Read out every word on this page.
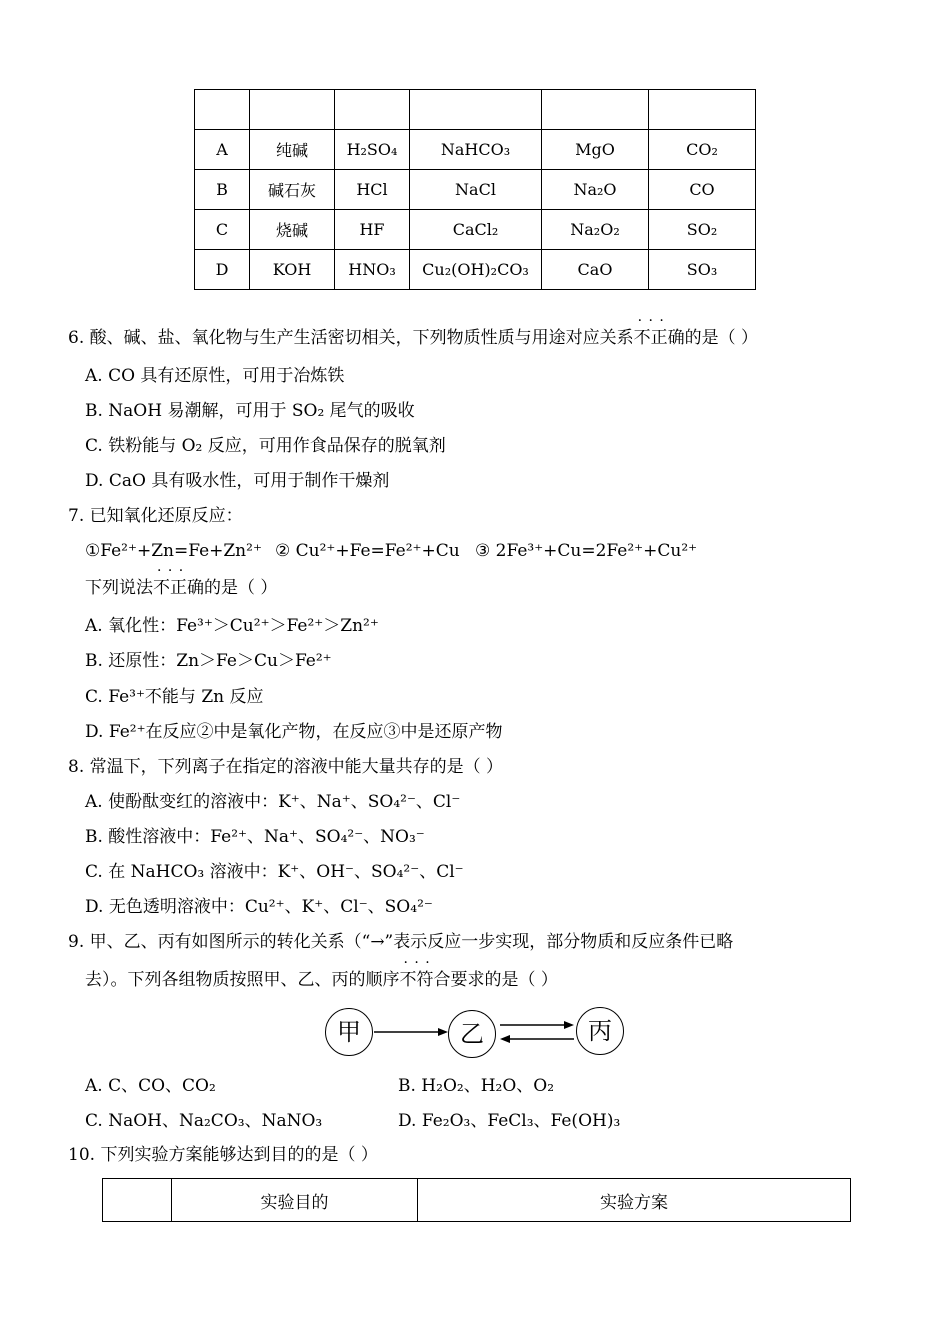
A	纯碱	H₂SO₄	NaHCO₃	MgO	CO₂
B	碱石灰	HCl	NaCl	Na₂O	CO
C	烧碱	HF	CaCl₂	Na₂O₂	SO₂
D	KOH	HNO₃	Cu₂(OH)₂CO₃	CaO	SO₃
6. 酸、碱、盐、氧化物与生产生活密切相关，下列物质性质与用途对应关系· · · 不正确的是（ ）
A. CO 具有还原性，可用于冶炼铁
B. NaOH 易潮解，可用于 SO₂ 尾气的吸收
C. 铁粉能与 O₂ 反应，可用作食品保存的脱氧剂
D. CaO 具有吸水性，可用于制作干燥剂
7. 已知氧化还原反应：
①Fe²⁺+Zn=Fe+Zn²⁺ ② Cu²⁺+Fe=Fe²⁺+Cu ③ 2Fe³⁺+Cu=2Fe²⁺+Cu²⁺
下列说法· · · 不正确的是（ ）
A. 氧化性：Fe³⁺＞Cu²⁺＞Fe²⁺＞Zn²⁺
B. 还原性：Zn＞Fe＞Cu＞Fe²⁺
C. Fe³⁺不能与 Zn 反应
D. Fe²⁺在反应②中是氧化产物，在反应③中是还原产物
8. 常温下，下列离子在指定的溶液中能大量共存的是（ ）
A. 使酚酞变红的溶液中：K⁺、Na⁺、SO₄²⁻、Cl⁻
B. 酸性溶液中：Fe²⁺、Na⁺、SO₄²⁻、NO₃⁻
C. 在 NaHCO₃ 溶液中：K⁺、OH⁻、SO₄²⁻、Cl⁻
D. 无色透明溶液中：Cu²⁺、K⁺、Cl⁻、SO₄²⁻
9. 甲、乙、丙有如图所示的转化关系（“→”表示反应一步实现，部分物质和反应条件已略
去）。下列各组物质按照甲、乙、丙的顺序· · · 不符合要求的是（ ）
甲	乙	丙
A. C、CO、CO₂	B. H₂O₂、H₂O、O₂
C. NaOH、Na₂CO₃、NaNO₃	D. Fe₂O₃、FeCl₃、Fe(OH)₃
10. 下列实验方案能够达到目的的是（ ）
	实验目的	实验方案
